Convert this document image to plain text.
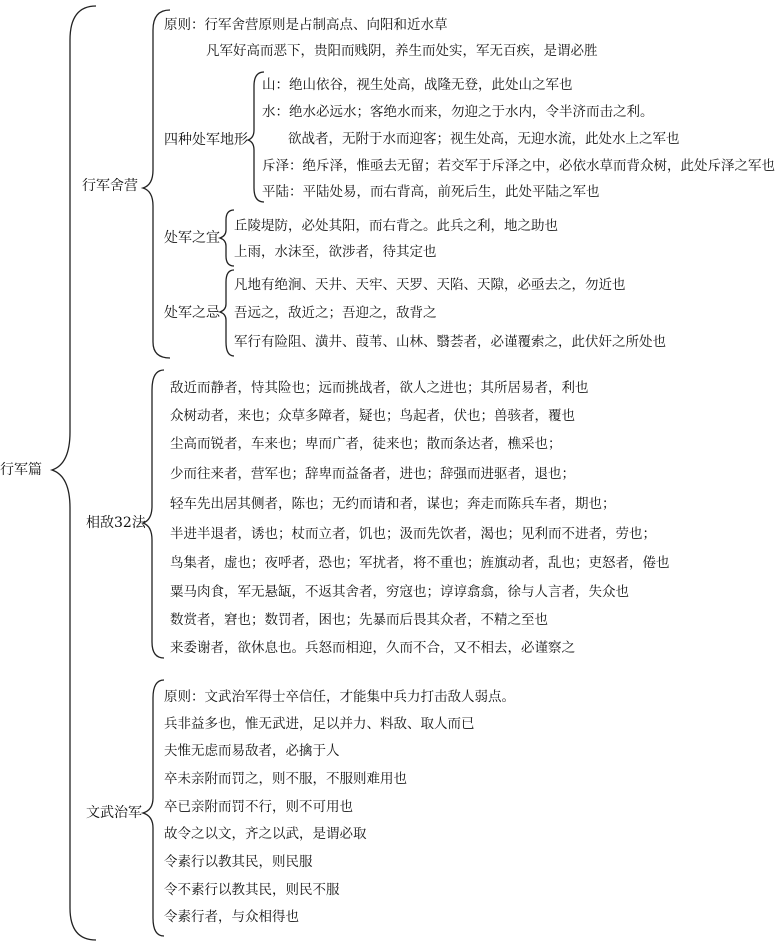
行军篇
行军舍营
原则：行军舍营原则是占制高点、向阳和近水草
凡军好高而恶下，贵阳而贱阴，养生而处实，军无百疾，是谓必胜
四种处军地形
山：绝山依谷，视生处高，战隆无登，此处山之军也
水：绝水必远水；客绝水而来，勿迎之于水内，令半济而击之利。
欲战者，无附于水而迎客；视生处高，无迎水流，此处水上之军也
斥泽：绝斥泽，惟亟去无留；若交军于斥泽之中，必依水草而背众树，此处斥泽之军也
平陆：平陆处易，而右背高，前死后生，此处平陆之军也
处军之宜
丘陵堤防，必处其阳，而右背之。此兵之利，地之助也
上雨，水沫至，欲涉者，待其定也
处军之忌
凡地有绝涧、天井、天牢、天罗、天陷、天隙，必亟去之，勿近也
吾远之，敌近之；吾迎之，敌背之
军行有险阻、潢井、葭苇、山林、翳荟者，必谨覆索之，此伏奸之所处也
相敌32法
敌近而静者，恃其险也；远而挑战者，欲人之进也；其所居易者，利也
众树动者，来也；众草多障者，疑也；鸟起者，伏也；兽骇者，覆也
尘高而锐者，车来也；卑而广者，徒来也；散而条达者，樵采也；
少而往来者，营军也；辞卑而益备者，进也；辞强而进驱者，退也；
轻车先出居其侧者，陈也；无约而请和者，谋也；奔走而陈兵车者，期也；
半进半退者，诱也；杖而立者，饥也；汲而先饮者，渴也；见利而不进者，劳也；
鸟集者，虚也；夜呼者，恐也；军扰者，将不重也；旌旗动者，乱也；吏怒者，倦也
粟马肉食，军无悬缻，不返其舍者，穷寇也；谆谆翕翕，徐与人言者，失众也
数赏者，窘也；数罚者，困也；先暴而后畏其众者，不精之至也
来委谢者，欲休息也。兵怒而相迎，久而不合，又不相去，必谨察之
文武治军
原则：文武治军得士卒信任，才能集中兵力打击敌人弱点。
兵非益多也，惟无武进，足以并力、料敌、取人而已
夫惟无虑而易敌者，必擒于人
卒未亲附而罚之，则不服，不服则难用也
卒已亲附而罚不行，则不可用也
故令之以文，齐之以武，是谓必取
令素行以教其民，则民服
令不素行以教其民，则民不服
令素行者，与众相得也
